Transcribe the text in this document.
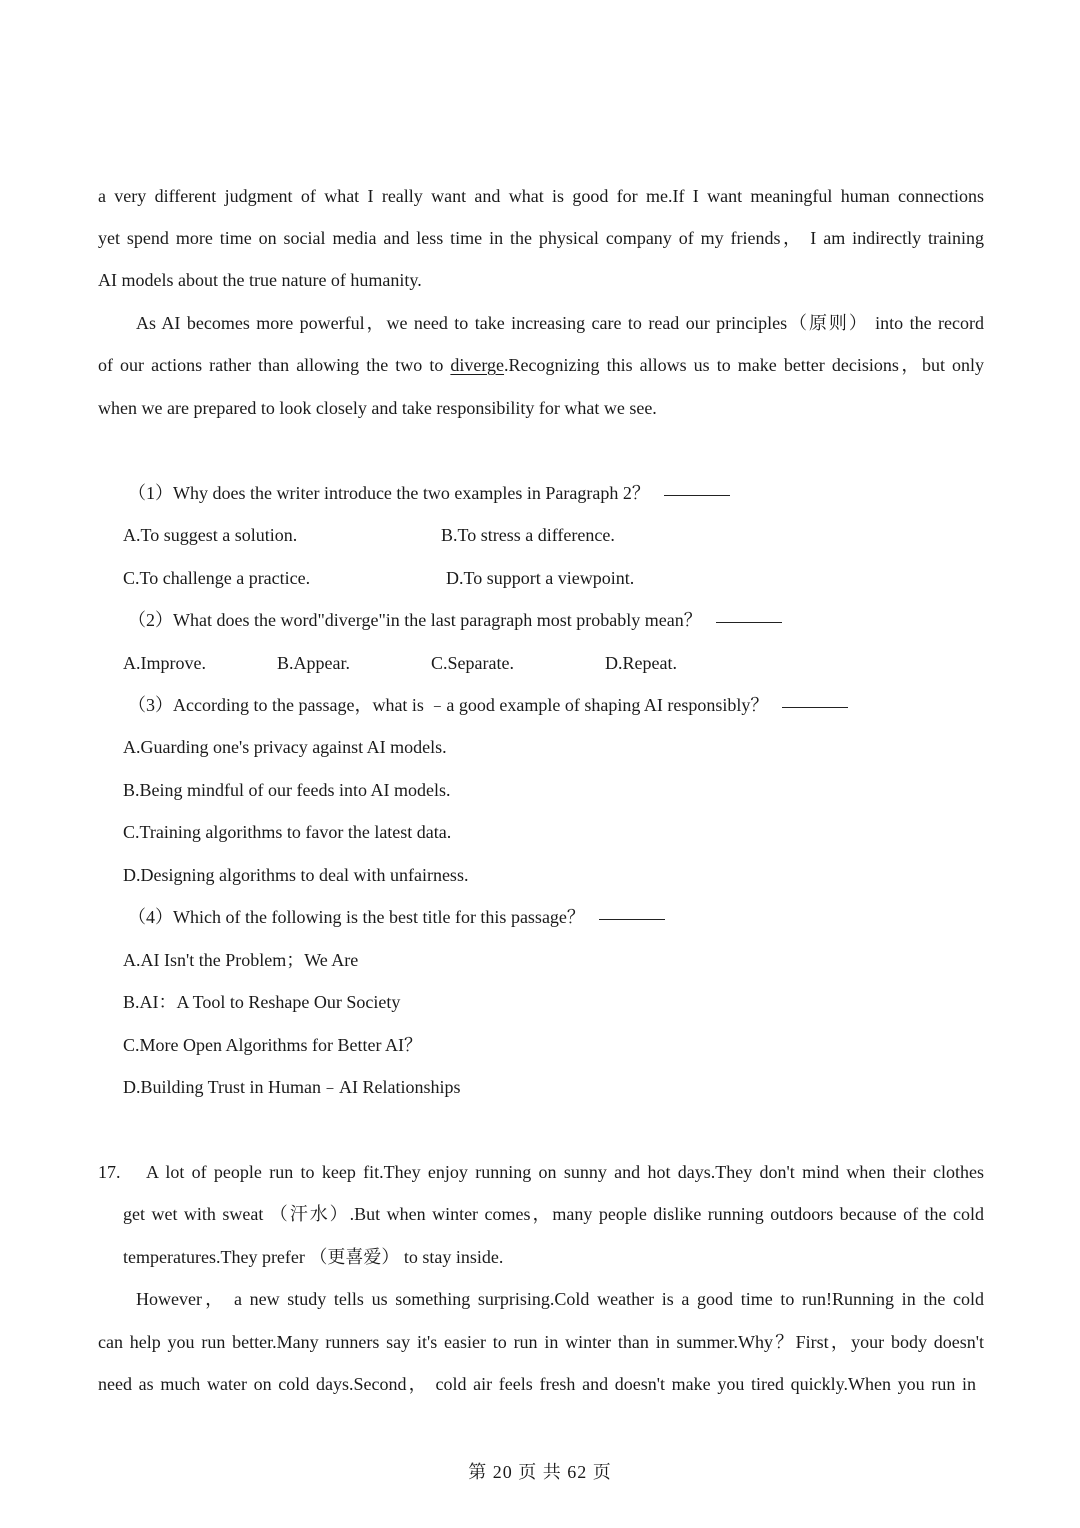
a very different judgment of what I really want and what is good for me.If I want meaningful human connections
yet spend more time on social media and less time in the physical company of my friends， I am indirectly training
AI models about the true nature of humanity.
As AI becomes more powerful，we need to take increasing care to read our principles（原则） into the record
of our actions rather than allowing the two to diverge.Recognizing this allows us to make better decisions，but only
when we are prepared to look closely and take responsibility for what we see.
（1）Why does the writer introduce the two examples in Paragraph 2？
A.To suggest a solution.	B.To stress a difference.
C.To challenge a practice.	D.To support a viewpoint.
（2）What does the word"diverge"in the last paragraph most probably mean？
A.Improve.	B.Appear.	C.Separate.	D.Repeat.
（3）According to the passage，what is ﹣a good example of shaping AI responsibly？
A.Guarding one's privacy against AI models.
B.Being mindful of our feeds into AI models.
C.Training algorithms to favor the latest data.
D.Designing algorithms to deal with unfairness.
（4）Which of the following is the best title for this passage？
A.AI Isn't the Problem；We Are
B.AI：A Tool to Reshape Our Society
C.More Open Algorithms for Better AI？
D.Building Trust in Human﹣AI Relationships
17. A lot of people run to keep fit.They enjoy running on sunny and hot days.They don't mind when their clothes
get wet with sweat （汗水）.But when winter comes，many people dislike running outdoors because of the cold
temperatures.They prefer （更喜爱） to stay inside.
However， a new study tells us something surprising.Cold weather is a good time to run!Running in the cold
can help you run better.Many runners say it's easier to run in winter than in summer.Why？First，your body doesn't
need as much water on cold days.Second， cold air feels fresh and doesn't make you tired quickly.When you run in
第 20 页 共 62 页
